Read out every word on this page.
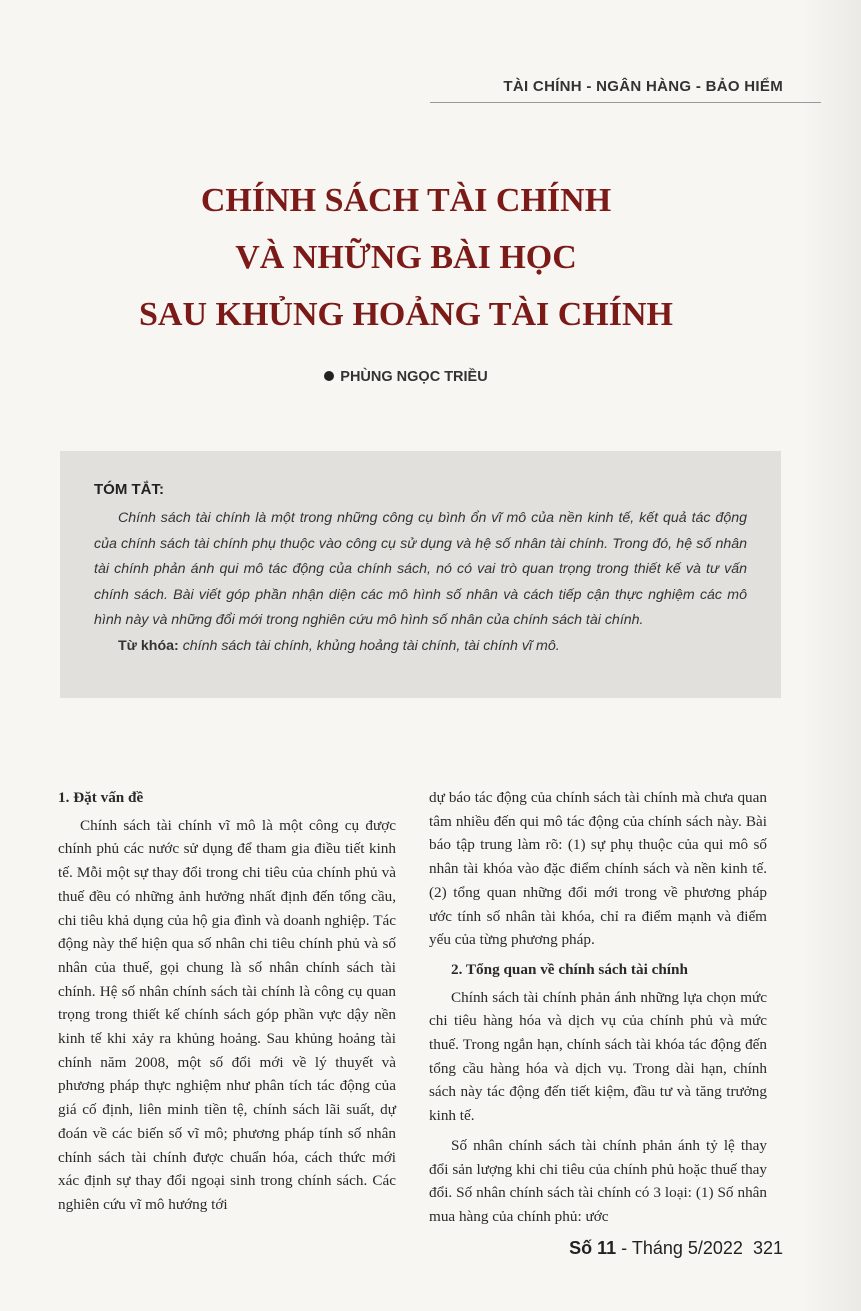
TÀI CHÍNH - NGÂN HÀNG - BẢO HIỂM
CHÍNH SÁCH TÀI CHÍNH
VÀ NHỮNG BÀI HỌC
SAU KHỦNG HOẢNG TÀI CHÍNH
PHÙNG NGỌC TRIỀU

TÓM TẮT:

Chính sách tài chính là một trong những công cụ bình ổn vĩ mô của nền kinh tế, kết quả tác động của chính sách tài chính phụ thuộc vào công cụ sử dụng và hệ số nhân tài chính. Trong đó, hệ số nhân tài chính phản ánh qui mô tác động của chính sách, nó có vai trò quan trọng trong thiết kế và tư vấn chính sách. Bài viết góp phần nhận diện các mô hình số nhân và cách tiếp cận thực nghiệm các mô hình này và những đổi mới trong nghiên cứu mô hình số nhân của chính sách tài chính.

Từ khóa: chính sách tài chính, khủng hoảng tài chính, tài chính vĩ mô.

1. Đặt vấn đề

Chính sách tài chính vĩ mô là một công cụ được chính phủ các nước sử dụng để tham gia điều tiết kinh tế. Mỗi một sự thay đổi trong chi tiêu của chính phủ và thuế đều có những ảnh hưởng nhất định đến tổng cầu, chi tiêu khả dụng của hộ gia đình và doanh nghiệp. Tác động này thể hiện qua số nhân chi tiêu chính phủ và số nhân của thuế, gọi chung là số nhân chính sách tài chính. Hệ số nhân chính sách tài chính là công cụ quan trọng trong thiết kế chính sách góp phần vực dậy nền kinh tế khi xảy ra khủng hoảng. Sau khủng hoảng tài chính năm 2008, một số đổi mới về lý thuyết và phương pháp thực nghiệm như phân tích tác động của giá cố định, liên minh tiền tệ, chính sách lãi suất, dự đoán về các biến số vĩ mô; phương pháp tính số nhân chính sách tài chính được chuẩn hóa, cách thức mới xác định sự thay đổi ngoại sinh trong chính sách. Các nghiên cứu vĩ mô hướng tới

dự báo tác động của chính sách tài chính mà chưa quan tâm nhiều đến qui mô tác động của chính sách này. Bài báo tập trung làm rõ: (1) sự phụ thuộc của qui mô số nhân tài khóa vào đặc điểm chính sách và nền kinh tế. (2) tổng quan những đổi mới trong về phương pháp ước tính số nhân tài khóa, chỉ ra điểm mạnh và điểm yếu của từng phương pháp.

2. Tổng quan về chính sách tài chính

Chính sách tài chính phản ánh những lựa chọn mức chi tiêu hàng hóa và dịch vụ của chính phủ và mức thuế. Trong ngắn hạn, chính sách tài khóa tác động đến tổng cầu hàng hóa và dịch vụ. Trong dài hạn, chính sách này tác động đến tiết kiệm, đầu tư và tăng trưởng kinh tế.

Số nhân chính sách tài chính phản ánh tỷ lệ thay đổi sản lượng khi chi tiêu của chính phủ hoặc thuế thay đổi. Số nhân chính sách tài chính có 3 loại: (1) Số nhân mua hàng của chính phủ: ước

Số 11 - Tháng 5/2022 321
